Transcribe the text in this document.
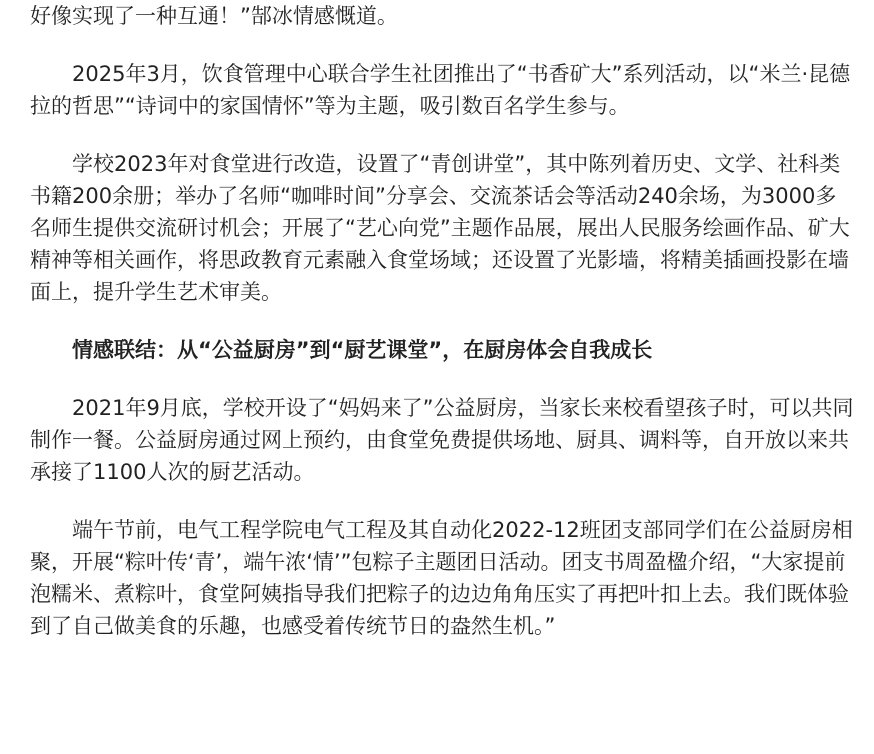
好像实现了一种互通！”郜冰情感慨道。

2025年3月，饮食管理中心联合学生社团推出了“书香矿大”系列活动，以“米兰·昆德拉的哲思”“诗词中的家国情怀”等为主题，吸引数百名学生参与。

学校2023年对食堂进行改造，设置了“青创讲堂”，其中陈列着历史、文学、社科类书籍200余册；举办了名师“咖啡时间”分享会、交流茶话会等活动240余场，为3000多名师生提供交流研讨机会；开展了“艺心向党”主题作品展，展出人民服务绘画作品、矿大精神等相关画作，将思政教育元素融入食堂场域；还设置了光影墙，将精美插画投影在墙面上，提升学生艺术审美。

情感联结：从“公益厨房”到“厨艺课堂”，在厨房体会自我成长

2021年9月底，学校开设了“妈妈来了”公益厨房，当家长来校看望孩子时，可以共同制作一餐。公益厨房通过网上预约，由食堂免费提供场地、厨具、调料等，自开放以来共承接了1100人次的厨艺活动。

端午节前，电气工程学院电气工程及其自动化2022-12班团支部同学们在公益厨房相聚，开展“粽叶传‘青’，端午浓‘情’”包粽子主题团日活动。团支书周盈楹介绍，“大家提前泡糯米、煮粽叶，食堂阿姨指导我们把粽子的边边角角压实了再把叶扣上去。我们既体验到了自己做美食的乐趣，也感受着传统节日的盎然生机。”
